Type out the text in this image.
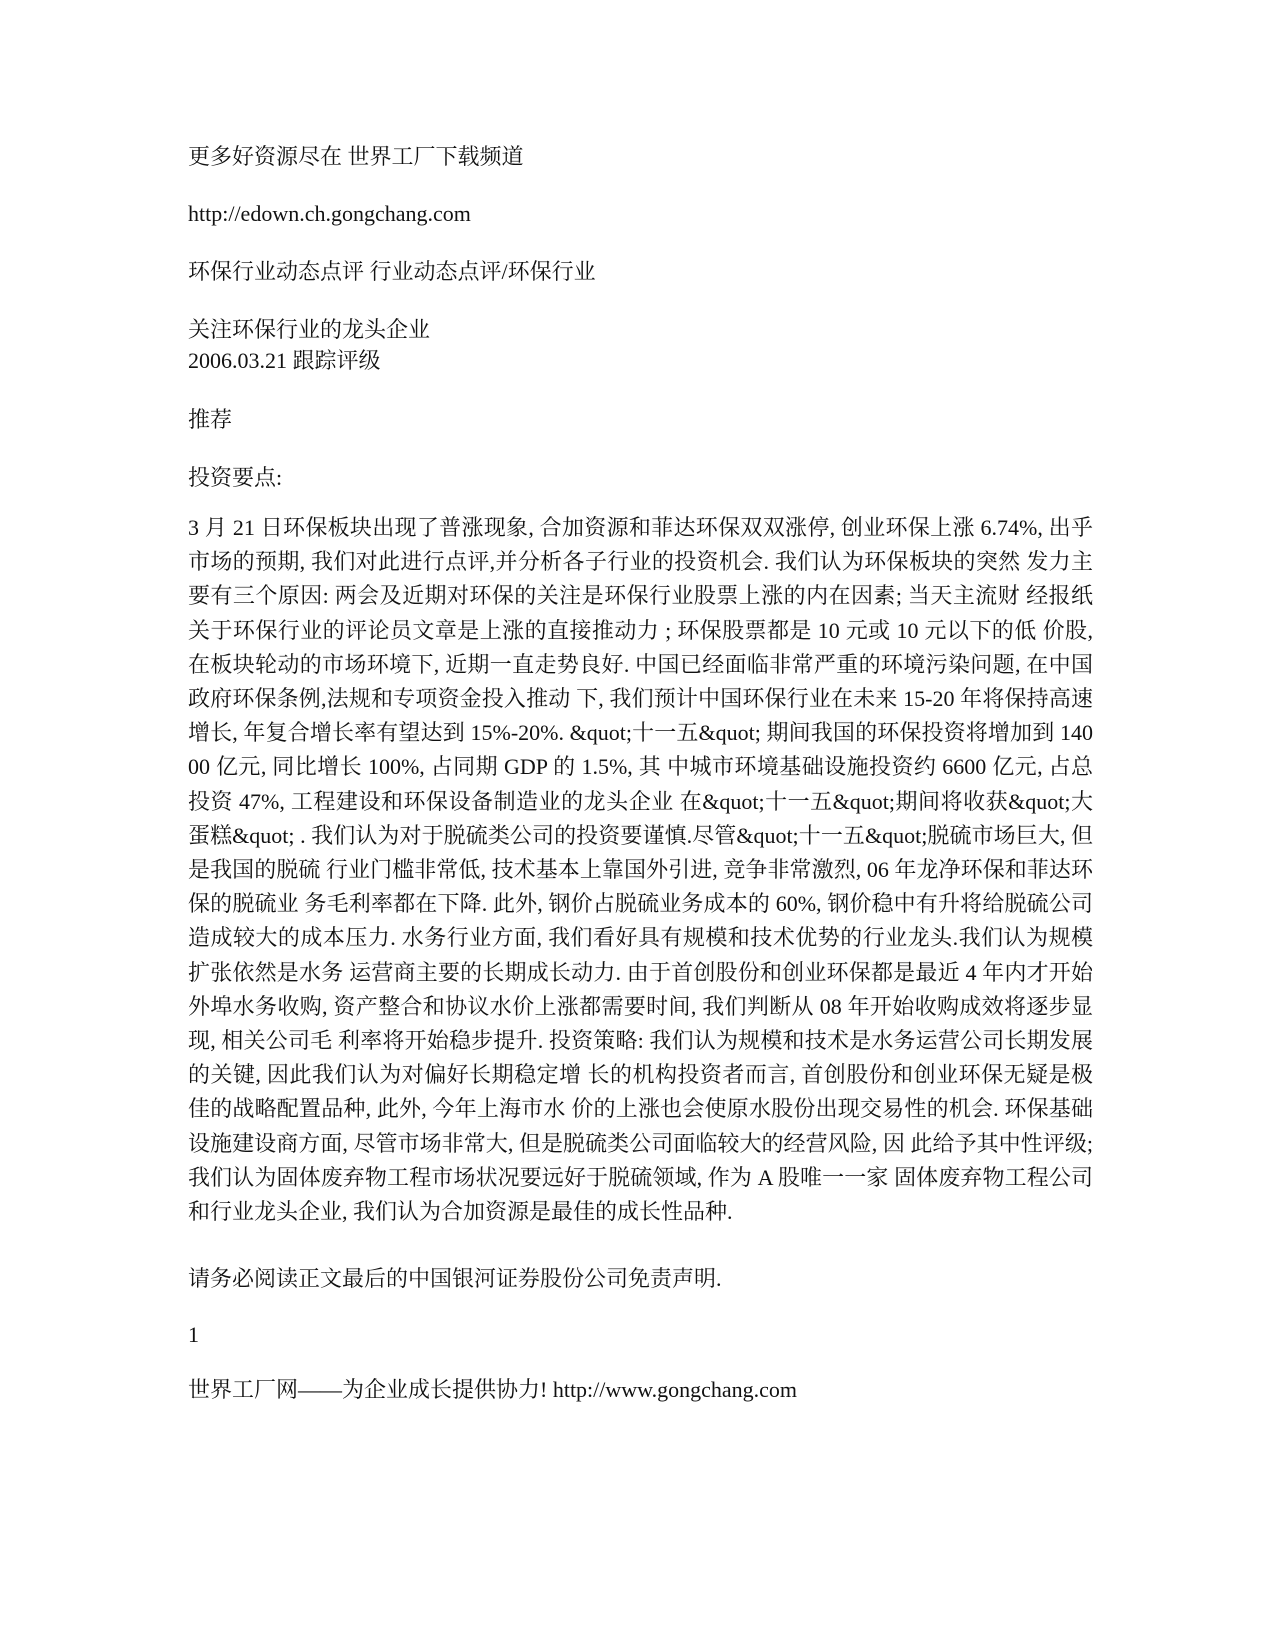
更多好资源尽在 世界工厂下载频道

http://edown.ch.gongchang.com

环保行业动态点评 行业动态点评/环保行业

关注环保行业的龙头企业

2006.03.21 跟踪评级

推荐

投资要点:

3 月 21 日环保板块出现了普涨现象, 合加资源和菲达环保双双涨停, 创业环保上涨 6.74%, 出乎市场的预期, 我们对此进行点评,并分析各子行业的投资机会. 我们认为环保板块的突然 发力主要有三个原因: 两会及近期对环保的关注是环保行业股票上涨的内在因素; 当天主流财 经报纸关于环保行业的评论员文章是上涨的直接推动力 ; 环保股票都是 10 元或 10 元以下的低 价股, 在板块轮动的市场环境下, 近期一直走势良好. 中国已经面临非常严重的环境污染问题, 在中国政府环保条例,法规和专项资金投入推动 下, 我们预计中国环保行业在未来 15-20 年将保持高速增长, 年复合增长率有望达到 15%-20%. &quot;十一五&quot; 期间我国的环保投资将增加到 14000 亿元, 同比增长 100%, 占同期 GDP 的 1.5%, 其 中城市环境基础设施投资约 6600 亿元, 占总投资 47%, 工程建设和环保设备制造业的龙头企业 在&quot;十一五&quot;期间将收获&quot;大蛋糕&quot; . 我们认为对于脱硫类公司的投资要谨慎.尽管&quot;十一五&quot;脱硫市场巨大, 但是我国的脱硫 行业门槛非常低, 技术基本上靠国外引进, 竞争非常激烈, 06 年龙净环保和菲达环保的脱硫业 务毛利率都在下降. 此外, 钢价占脱硫业务成本的 60%, 钢价稳中有升将给脱硫公司造成较大的成本压力. 水务行业方面, 我们看好具有规模和技术优势的行业龙头.我们认为规模扩张依然是水务 运营商主要的长期成长动力. 由于首创股份和创业环保都是最近 4 年内才开始外埠水务收购, 资产整合和协议水价上涨都需要时间, 我们判断从 08 年开始收购成效将逐步显现, 相关公司毛 利率将开始稳步提升. 投资策略: 我们认为规模和技术是水务运营公司长期发展的关键, 因此我们认为对偏好长期稳定增 长的机构投资者而言, 首创股份和创业环保无疑是极佳的战略配置品种, 此外, 今年上海市水 价的上涨也会使原水股份出现交易性的机会. 环保基础设施建设商方面, 尽管市场非常大, 但是脱硫类公司面临较大的经营风险, 因 此给予其中性评级; 我们认为固体废弃物工程市场状况要远好于脱硫领域, 作为 A 股唯一一家 固体废弃物工程公司和行业龙头企业, 我们认为合加资源是最佳的成长性品种.

请务必阅读正文最后的中国银河证券股份公司免责声明.

1

世界工厂网——为企业成长提供协力! http://www.gongchang.com
